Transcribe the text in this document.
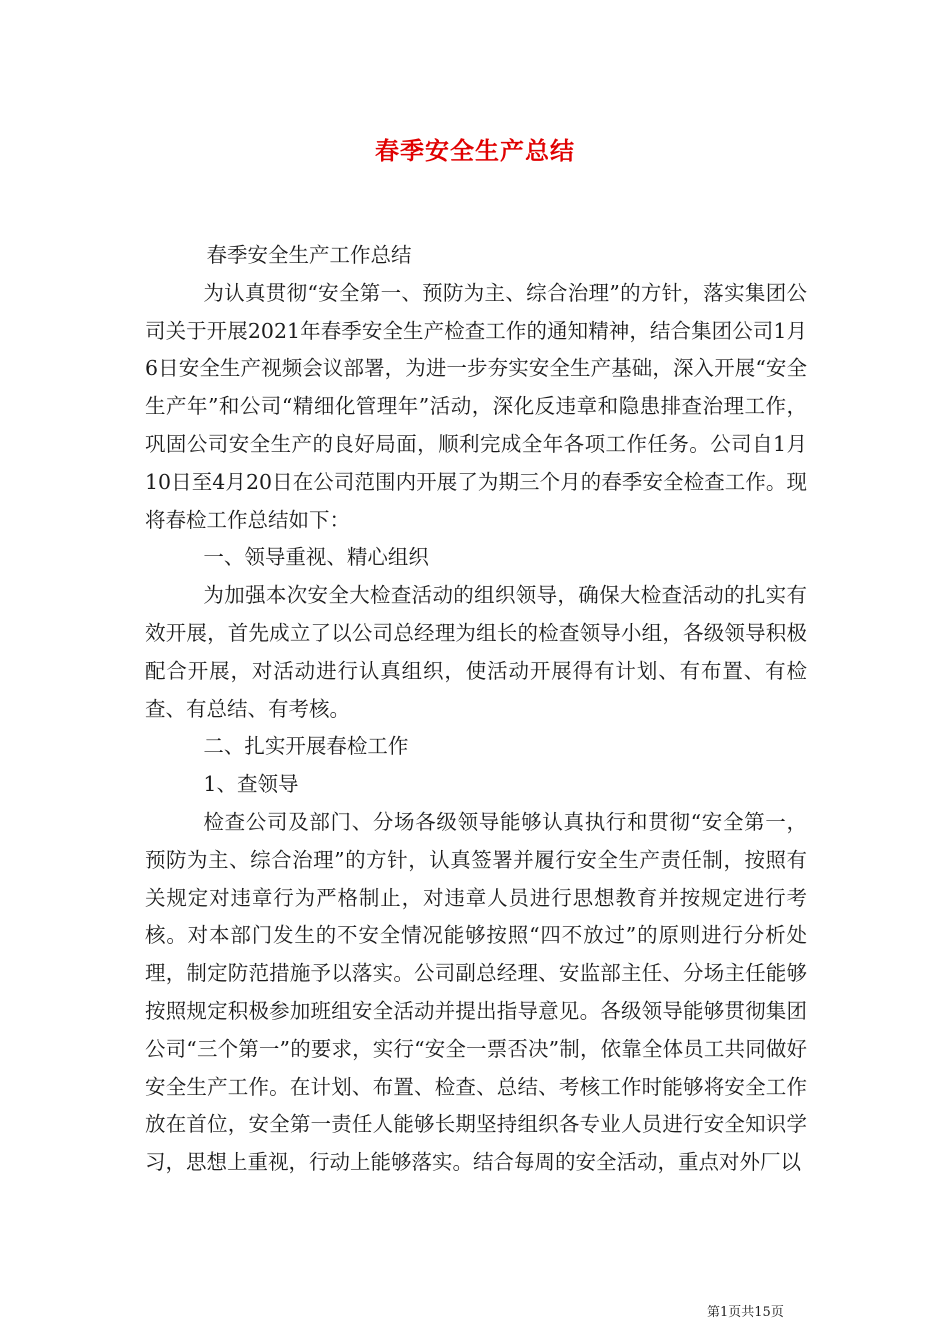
春季安全生产总结

春季安全生产工作总结

为认真贯彻“安全第一、预防为主、综合治理”的方针，落实集团公司关于开展2021年春季安全生产检查工作的通知精神，结合集团公司1月6日安全生产视频会议部署，为进一步夯实安全生产基础，深入开展“安全生产年”和公司“精细化管理年”活动，深化反违章和隐患排查治理工作，巩固公司安全生产的良好局面，顺利完成全年各项工作任务。公司自1月10日至4月20日在公司范围内开展了为期三个月的春季安全检查工作。现将春检工作总结如下：

一、领导重视、精心组织

为加强本次安全大检查活动的组织领导，确保大检查活动的扎实有效开展，首先成立了以公司总经理为组长的检查领导小组，各级领导积极配合开展，对活动进行认真组织，使活动开展得有计划、有布置、有检查、有总结、有考核。

二、扎实开展春检工作

1、查领导

检查公司及部门、分场各级领导能够认真执行和贯彻“安全第一，预防为主、综合治理”的方针，认真签署并履行安全生产责任制，按照有关规定对违章行为严格制止，对违章人员进行思想教育并按规定进行考核。对本部门发生的不安全情况能够按照“四不放过”的原则进行分析处理，制定防范措施予以落实。公司副总经理、安监部主任、分场主任能够按照规定积极参加班组安全活动并提出指导意见。各级领导能够贯彻集团公司“三个第一”的要求，实行“安全一票否决”制，依靠全体员工共同做好安全生产工作。在计划、布置、检查、总结、考核工作时能够将安全工作放在首位，安全第一责任人能够长期坚持组织各专业人员进行安全知识学习，思想上重视，行动上能够落实。结合每周的安全活动，重点对外厂以

第1页共15页
